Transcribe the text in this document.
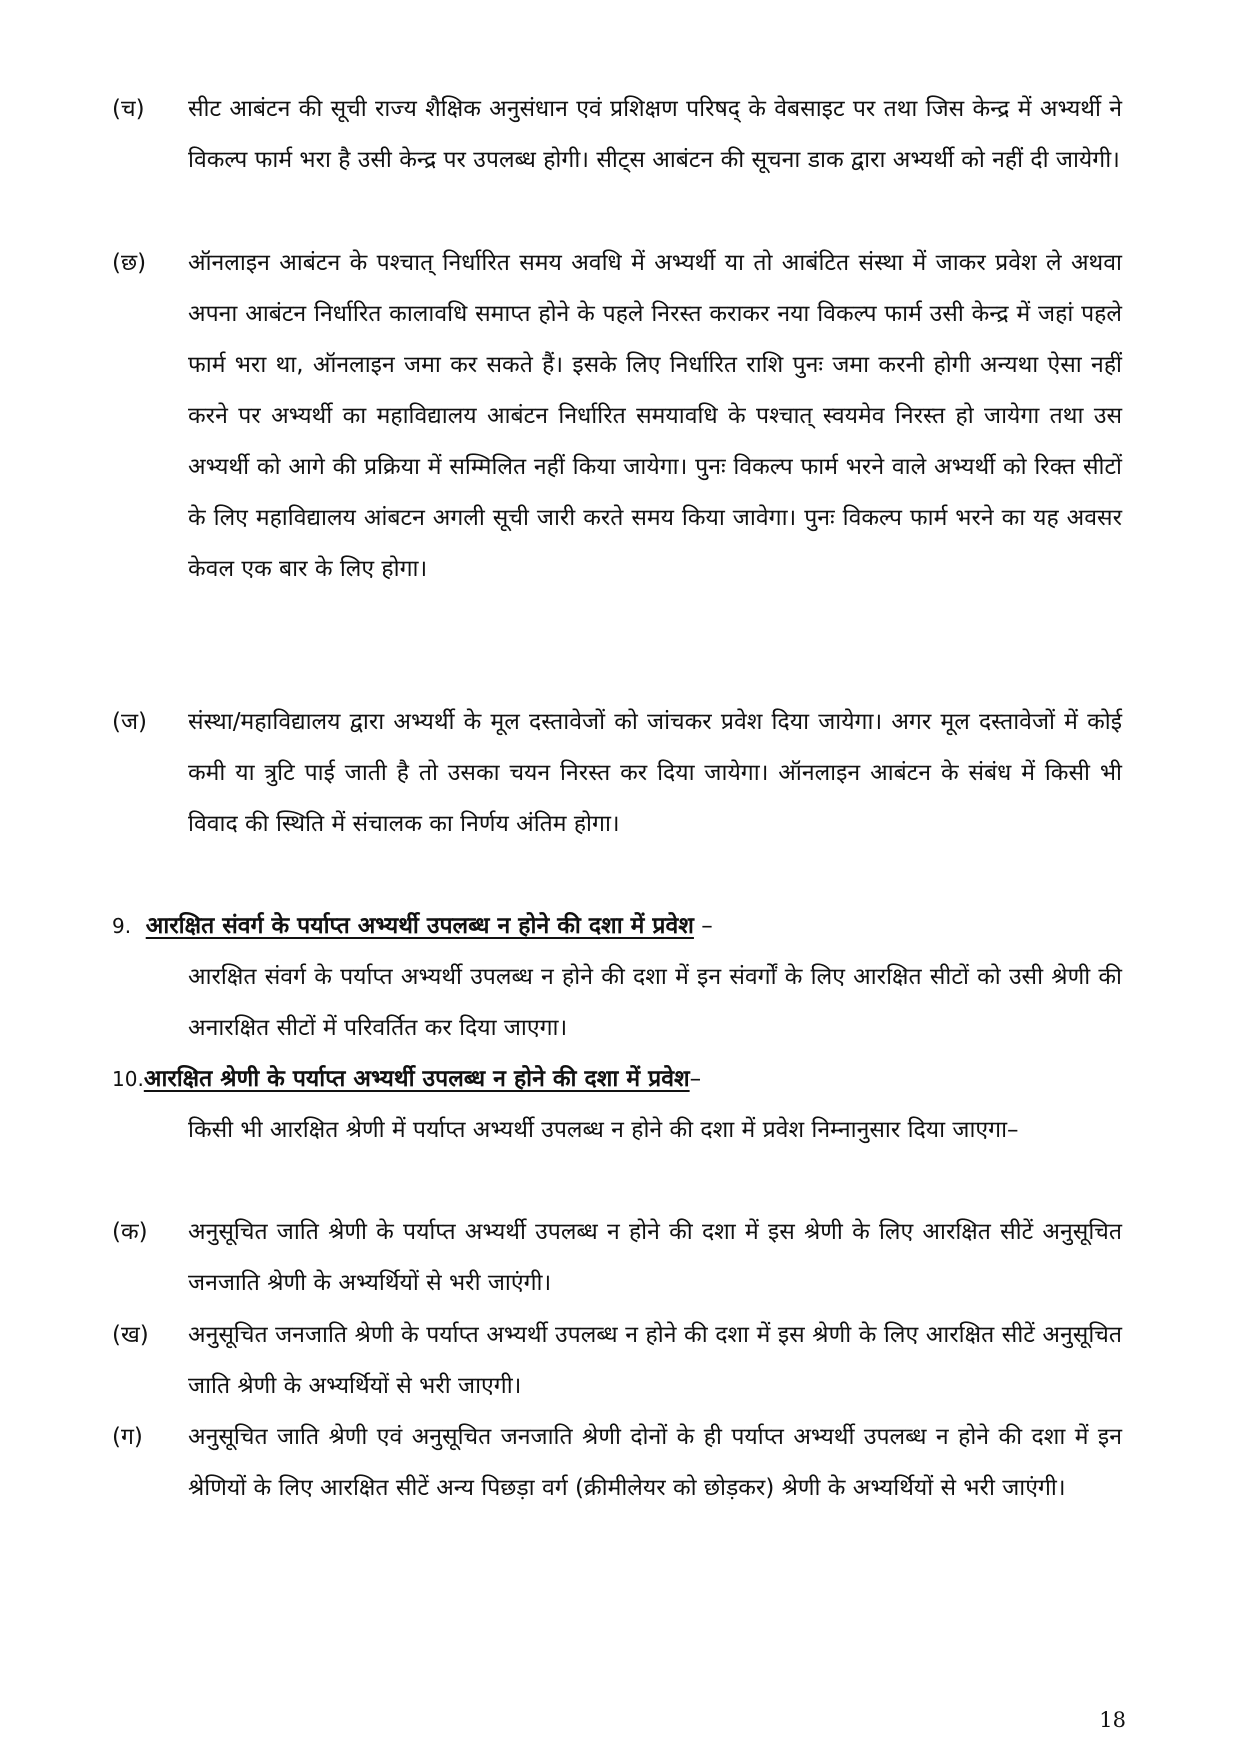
(च) सीट आबंटन की सूची राज्य शैक्षिक अनुसंधान एवं प्रशिक्षण परिषद् के वेबसाइट पर तथा जिस केन्द्र में अभ्यर्थी ने विकल्प फार्म भरा है उसी केन्द्र पर उपलब्ध होगी। सीट्स आबंटन की सूचना डाक द्वारा अभ्यर्थी को नहीं दी जायेगी।
(छ) ऑनलाइन आबंटन के पश्चात् निर्धारित समय अवधि में अभ्यर्थी या तो आबंटित संस्था में जाकर प्रवेश ले अथवा अपना आबंटन निर्धारित कालावधि समाप्त होने के पहले निरस्त कराकर नया विकल्प फार्म उसी केन्द्र में जहां पहले फार्म भरा था, ऑनलाइन जमा कर सकते हैं। इसके लिए निर्धारित राशि पुनः जमा करनी होगी अन्यथा ऐसा नहीं करने पर अभ्यर्थी का महाविद्यालय आबंटन निर्धारित समयावधि के पश्चात् स्वयमेव निरस्त हो जायेगा तथा उस अभ्यर्थी को आगे की प्रक्रिया में सम्मिलित नहीं किया जायेगा। पुनः विकल्प फार्म भरने वाले अभ्यर्थी को रिक्त सीटों के लिए महाविद्यालय आंबटन अगली सूची जारी करते समय किया जावेगा। पुनः विकल्प फार्म भरने का यह अवसर केवल एक बार के लिए होगा।
(ज) संस्था/महाविद्यालय द्वारा अभ्यर्थी के मूल दस्तावेजों को जांचकर प्रवेश दिया जायेगा। अगर मूल दस्तावेजों में कोई कमी या त्रुटि पाई जाती है तो उसका चयन निरस्त कर दिया जायेगा। ऑनलाइन आबंटन के संबंध में किसी भी विवाद की स्थिति में संचालक का निर्णय अंतिम होगा।
9. आरक्षित संवर्ग के पर्याप्त अभ्यर्थी उपलब्ध न होने की दशा में प्रवेश –
आरक्षित संवर्ग के पर्याप्त अभ्यर्थी उपलब्ध न होने की दशा में इन संवर्गों के लिए आरक्षित सीटों को उसी श्रेणी की अनारक्षित सीटों में परिवर्तित कर दिया जाएगा।
10.आरक्षित श्रेणी के पर्याप्त अभ्यर्थी उपलब्ध न होने की दशा में प्रवेश–
किसी भी आरक्षित श्रेणी में पर्याप्त अभ्यर्थी उपलब्ध न होने की दशा में प्रवेश निम्नानुसार दिया जाएगा–
(क) अनुसूचित जाति श्रेणी के पर्याप्त अभ्यर्थी उपलब्ध न होने की दशा में इस श्रेणी के लिए आरक्षित सीटें अनुसूचित जनजाति श्रेणी के अभ्यर्थियों से भरी जाएंगी।
(ख) अनुसूचित जनजाति श्रेणी के पर्याप्त अभ्यर्थी उपलब्ध न होने की दशा में इस श्रेणी के लिए आरक्षित सीटें अनुसूचित जाति श्रेणी के अभ्यर्थियों से भरी जाएगी।
(ग) अनुसूचित जाति श्रेणी एवं अनुसूचित जनजाति श्रेणी दोनों के ही पर्याप्त अभ्यर्थी उपलब्ध न होने की दशा में इन श्रेणियों के लिए आरक्षित सीटें अन्य पिछड़ा वर्ग (क्रीमीलेयर को छोड़कर) श्रेणी के अभ्यर्थियों से भरी जाएंगी।
18
